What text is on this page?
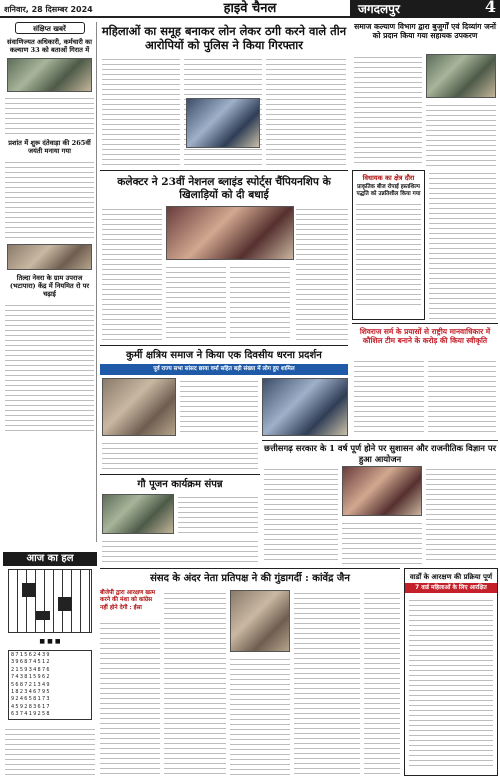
शनिवार, 28 दिसम्बर 2024	हाइवे चैनल	जगदलपुर	4
संक्षिप्त खबरें
संवाणिज्यत अधिकारी, कर्मचारी का कल्याण 33 को बताओं गिरात में
प्रशांत में शुरू दंतेवाड़ा की 265वीं जयंती मनाया गया
तिल्दा नेवरा के ग्राम उपराज (भटापारा) केंद्र में नियमित रो पर चढ़ाई
आज का हल
■ ■ ■
871562439
396874512
215934876
743815962
568721349
182346795
924658173
459283617
637419258
महिलाओं का समूह बनाकर लोन लेकर ठगी करने वाले तीन आरोपियों को पुलिस ने किया गिरफ्तार
कलेक्टर ने 23वीं नेशनल ब्लाइंड स्पोर्ट्स चैंपियनशिप के खिलाड़ियों को दी बधाई
समाज कल्याण विभाग द्वारा बुजुर्गों एवं दिव्यांग जनों को प्रदान किया गया सहायक उपकरण
विधायक का क्षेत्र दौरा
प्राकृतिक बीज रोपाई हस्तशिल्प पद्धति को उन्नतिशील किया गया
शिवराज सर्म के प्रयासों से राष्ट्रीय मानवाधिकार में कौशिल टीम बनाने के करोड़ की किया स्वीकृति
कुर्मी क्षत्रिय समाज ने किया एक दिवसीय धरना प्रदर्शन
पूर्व राज्य सभा सांसद छाया वर्मा सहित बड़ी संख्या में लोग हुए शामिल
छत्तीसगढ़ सरकार के 1 वर्ष पूर्ण होने पर सुशासन और राजनीतिक विज्ञान पर हुआ आयोजन
गौ पूजन कार्यक्रम संपन्न
संसद के अंदर नेता प्रतिपक्ष ने की गुंडागर्दी : कांवेंद्र जैन
बीजेपी द्वारा आरक्षण खत्म करने की मंशा को कांग्रेस नहीं होने देगी : ईसा
वार्डों के आरक्षण की प्रक्रिया पूर्ण
7 वार्ड महिलाओं के लिए आरक्षित
